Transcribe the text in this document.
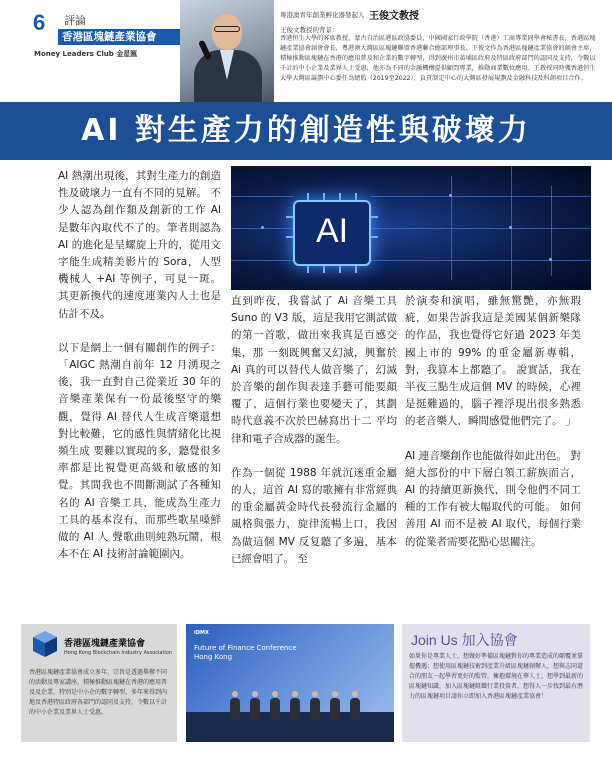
6 評論
香港區塊鏈產業協會
Money Leaders Club 金星匯
粵港澳青年創業孵化器發起人 王俊文教授
王俊文教授的背景：
香港恒生大學的客席教授，蒙古自治區港區政協委員，中國國家行政學院（香港）工商專業同學會秘書長，香港區塊鏈產業協會創會會長，粵港澳大灣區區塊鏈聯盟香港聯合總部理事長。王俊文作為香港區塊鏈產業協會的創會主席，積極推動區塊鏈在香港的應用普及和企業的數字轉型，得到廣州市黃埔區政府及特區政府部門的認同及支持，令數以千計的中小企業及業界人士受惠，他亦為不同的金融機構提供顧問專業，推動商業數位應用。王教授同時獲香港恒生大學大灣區籌劃中心委任為總監（2019至2022），負責制定中心的大灣區發展規劃及金融科技及科創項目合作。
AI 對生產力的創造性與破壞力
AI 熱潮出現後，其對生產力的創造性及破壞力一直有不同的見解。 不少人認為創作類及創新的工作 AI 是數年內取代不了的。筆者則認為 AI 的進化是呈螺旋上升的，從用文字能生成精美影片的 Sora，人型機械人 +AI 等例子，可見一斑。 其更新換代的速度連業內人士也是估計不及。
以下是網上一個有關創作的例子：「AIGC 熱潮自前年 12 月湧現之後，我一直對自己從業近 30 年的音樂產業保有一份最後堅守的樂觀，覺得 AI 替代人生成音樂還想對比較難，它的感性與情緒化比視頻生成 要難以實現的多，聽覺很多率都是比視覺更高級和敏感的知覺。其間我也不間斷測試了各種知名的 AI 音樂工具，能成為生產力工具的基本沒有，而那些歌星嗓鮮做的 AI 人 聲歌曲則純熟玩鬧，根本不在 AI 技術討論範圍內。
AI
直到昨夜，我嘗試了 Ai 音樂工具 Suno 的 V3 版，這是我用它測試做的第一首歌，做出來我真是百感交集，那 一刻既興奮又幻滅，興奮於 Ai 真的可以替代人做音樂了，幻滅於音樂的創作與表達手藝可能要顛覆了，這個行業也要變天了，其劃時代意義不次於巴赫寫出十二 平均律和電子合成器的誕生。
作為一個從 1988 年就沉迷重金屬的人，這首 AI 寫的歌擁有非常經典的重金屬黃金時代長發流行金屬的風格與張力，旋律流暢上口，我因為做這個 MV 反复聽了多遍，基本 已經會唱了。 至
於演奏和演唱，雖無驚艷，亦無瑕疵，如果告訴我這是美國某個新樂隊的作品，我也覺得它好過 2023 年美國上市的 99% 的重金屬新專輯，對，我算本上都聽了。 說實話，我在半夜三點生成這個 MV 的時候，心裡是挺難過的，腦子裡浮現出很多熟悉的老音樂人，瞬間感覺他們完了。 」
AI 連音樂創作也能做得如此出色。 對絕大部份的中下層白領工薪族而言，AI 的持續更新換代，則令他們不同工種的工作有被大幅取代的可能。 如何善用 AI 而不是被 AI 取代，每個行業的從業者需要花點心思關注。
香港區塊鏈產業協會
Hong Kong Blockchain Industry Association
香港區塊鏈產業協會成立多年，宗旨是透過舉辦不同的活動及專家講座，積極推動區塊鏈在香港的應用普及及企業，特別是中小企的數字轉型。多年來得到內地及香港特區政府各部門的認同及支持，令數以千計的中小企業及業界人士受惠。
IDMX
Future of Finance Conference Hong Kong
Join Us 加入協會
如果你是專業人士，想做好準備區塊鏈對你的專業造成的顛覆並掌握機遇；想使用區塊鏈技術到產業升級區塊鏈創辦人，想與志同道合的朋友一起學習更好的監管，擁抱環境在華人士，想學到最新的區塊鏈知識，加入區塊鏈組織行業投資者，想得人一步找到最有潛力的區塊鏈項目請你立即加入香港區塊鏈產業協會！
